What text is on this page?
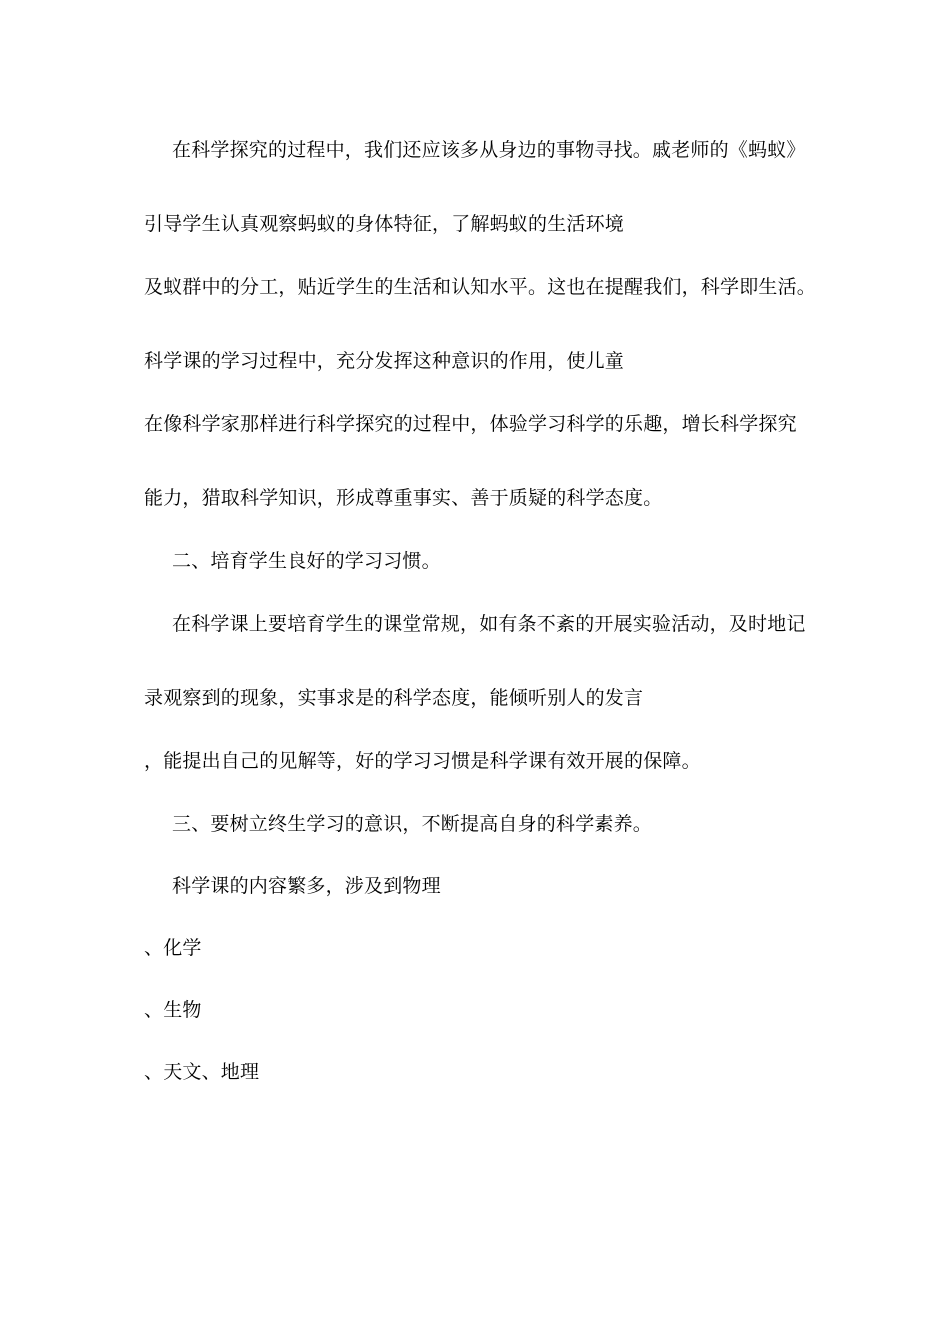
在科学探究的过程中，我们还应该多从身边的事物寻找。戚老师的《蚂蚁》
引导学生认真观察蚂蚁的身体特征，了解蚂蚁的生活环境
及蚁群中的分工，贴近学生的生活和认知水平。这也在提醒我们，科学即生活。
科学课的学习过程中，充分发挥这种意识的作用，使儿童
在像科学家那样进行科学探究的过程中，体验学习科学的乐趣，增长科学探究
能力，猎取科学知识，形成尊重事实、善于质疑的科学态度。
二、培育学生良好的学习习惯。
在科学课上要培育学生的课堂常规，如有条不紊的开展实验活动，及时地记
录观察到的现象，实事求是的科学态度，能倾听别人的发言
，能提出自己的见解等，好的学习习惯是科学课有效开展的保障。
三、要树立终生学习的意识，不断提高自身的科学素养。
科学课的内容繁多，涉及到物理
、化学
、生物
、天文、地理
